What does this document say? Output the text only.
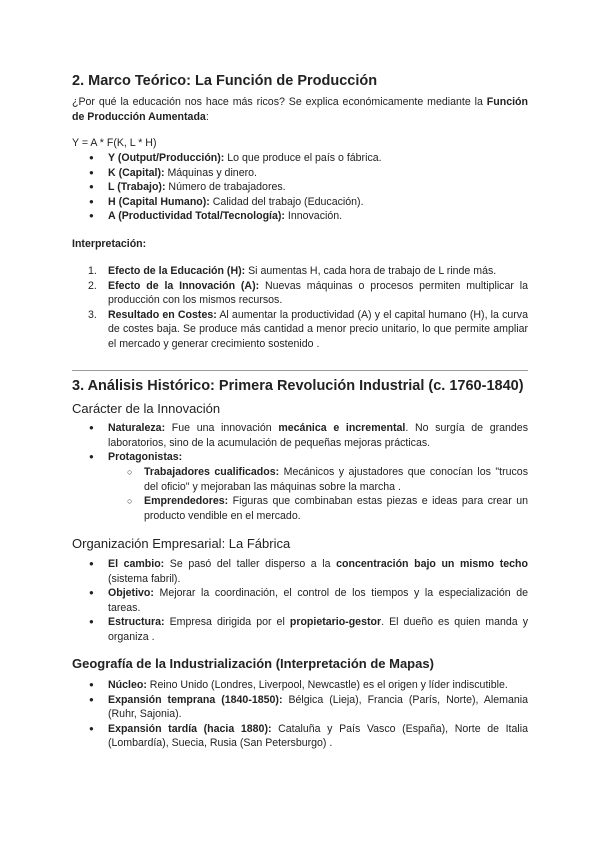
2. Marco Teórico: La Función de Producción

¿Por qué la educación nos hace más ricos? Se explica económicamente mediante la Función de Producción Aumentada:

Y = A * F(K, L * H)

● Y (Output/Producción): Lo que produce el país o fábrica.
● K (Capital): Máquinas y dinero.
● L (Trabajo): Número de trabajadores.
● H (Capital Humano): Calidad del trabajo (Educación).
● A (Productividad Total/Tecnología): Innovación.

Interpretación:

1. Efecto de la Educación (H): Si aumentas H, cada hora de trabajo de L rinde más.
2. Efecto de la Innovación (A): Nuevas máquinas o procesos permiten multiplicar la producción con los mismos recursos.
3. Resultado en Costes: Al aumentar la productividad (A) y el capital humano (H), la curva de costes baja. Se produce más cantidad a menor precio unitario, lo que permite ampliar el mercado y generar crecimiento sostenido .
3. Análisis Histórico: Primera Revolución Industrial (c. 1760-1840)
Carácter de la Innovación
● Naturaleza: Fue una innovación mecánica e incremental. No surgía de grandes laboratorios, sino de la acumulación de pequeñas mejoras prácticas.
● Protagonistas:
○ Trabajadores cualificados: Mecánicos y ajustadores que conocían los "trucos del oficio" y mejoraban las máquinas sobre la marcha .
○ Emprendedores: Figuras que combinaban estas piezas e ideas para crear un producto vendible en el mercado.
Organización Empresarial: La Fábrica
● El cambio: Se pasó del taller disperso a la concentración bajo un mismo techo (sistema fabril).
● Objetivo: Mejorar la coordinación, el control de los tiempos y la especialización de tareas.
● Estructura: Empresa dirigida por el propietario-gestor. El dueño es quien manda y organiza .
Geografía de la Industrialización (Interpretación de Mapas)
● Núcleo: Reino Unido (Londres, Liverpool, Newcastle) es el origen y líder indiscutible.
● Expansión temprana (1840-1850): Bélgica (Lieja), Francia (París, Norte), Alemania (Ruhr, Sajonia).
● Expansión tardía (hacia 1880): Cataluña y País Vasco (España), Norte de Italia (Lombardía), Suecia, Rusia (San Petersburgo) .
